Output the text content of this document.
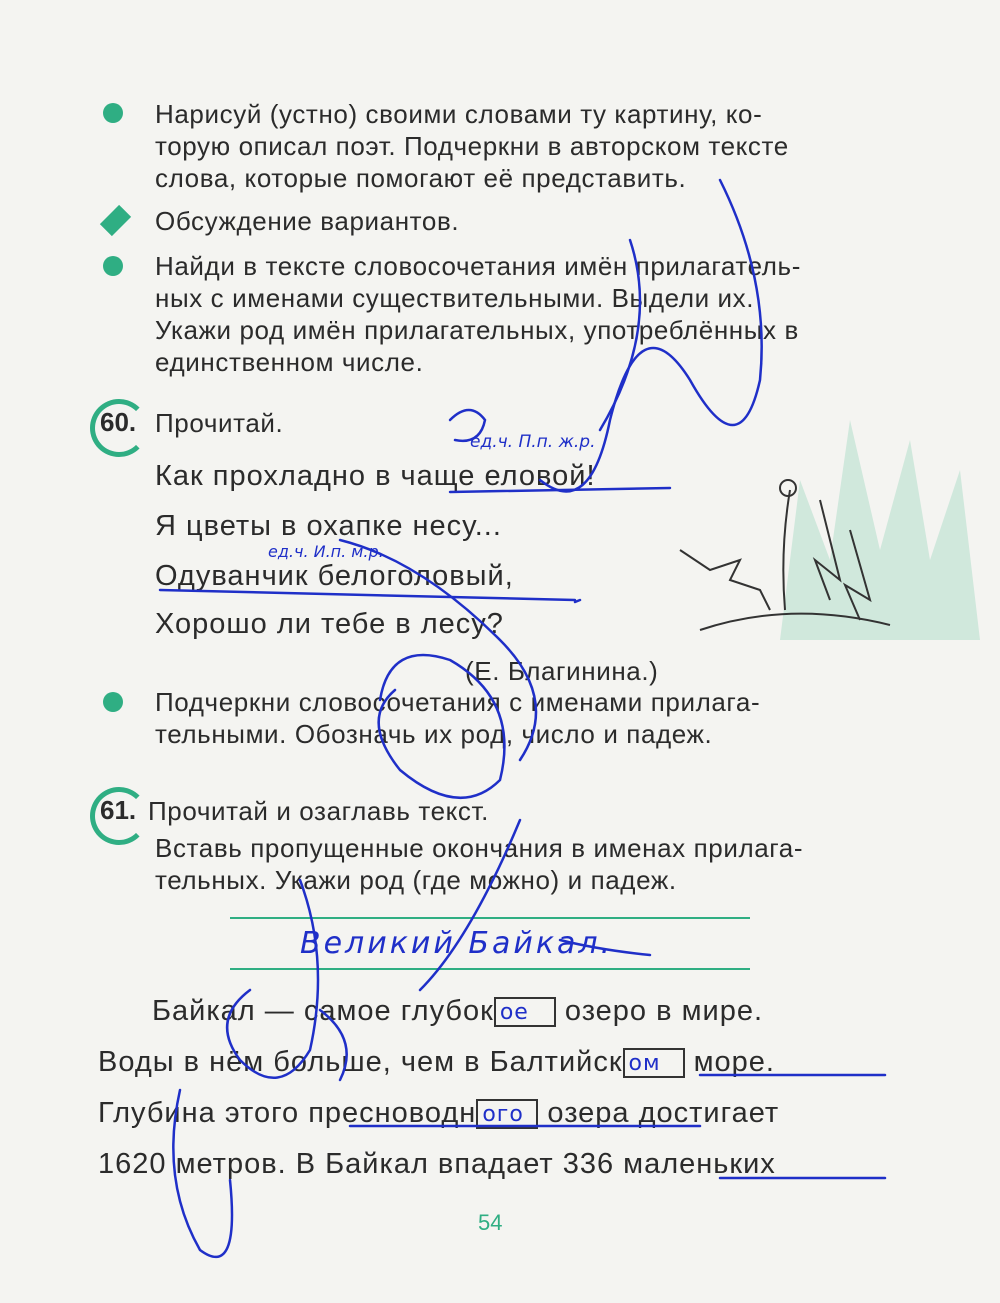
Нарисуй (устно) своими словами ту картину, ко-

торую описал поэт. Подчеркни в авторском тексте

слова, которые помогают её представить.

Обсуждение вариантов.

Найди в тексте словосочетания имён прилагатель-

ных с именами существительными. Выдели их.

Укажи род имён прилагательных, употреблённых в

единственном числе.

60. Прочитай.

Как прохладно в чаще еловой!

Я цветы в охапке несу...

Одуванчик белоголовый,

Хорошо ли тебе в лесу?

(Е. Благинина.)

Подчеркни словосочетания с именами прилага-

тельными. Обозначь их род, число и падеж.

61. Прочитай и озаглавь текст.

Вставь пропущенные окончания в именах прилага-

тельных. Укажи род (где можно) и падеж.

Великий Байкал.

Байкал — самое глубок ое озеро в мире.

Воды в нём больше, чем в Балтийск ом море.

Глубина этого пресноводн ого озера достигает

1620 метров. В Байкал впадает 336 маленьких

54
ед.ч. П.п. ж.р.
ед.ч. И.п. м.р.
